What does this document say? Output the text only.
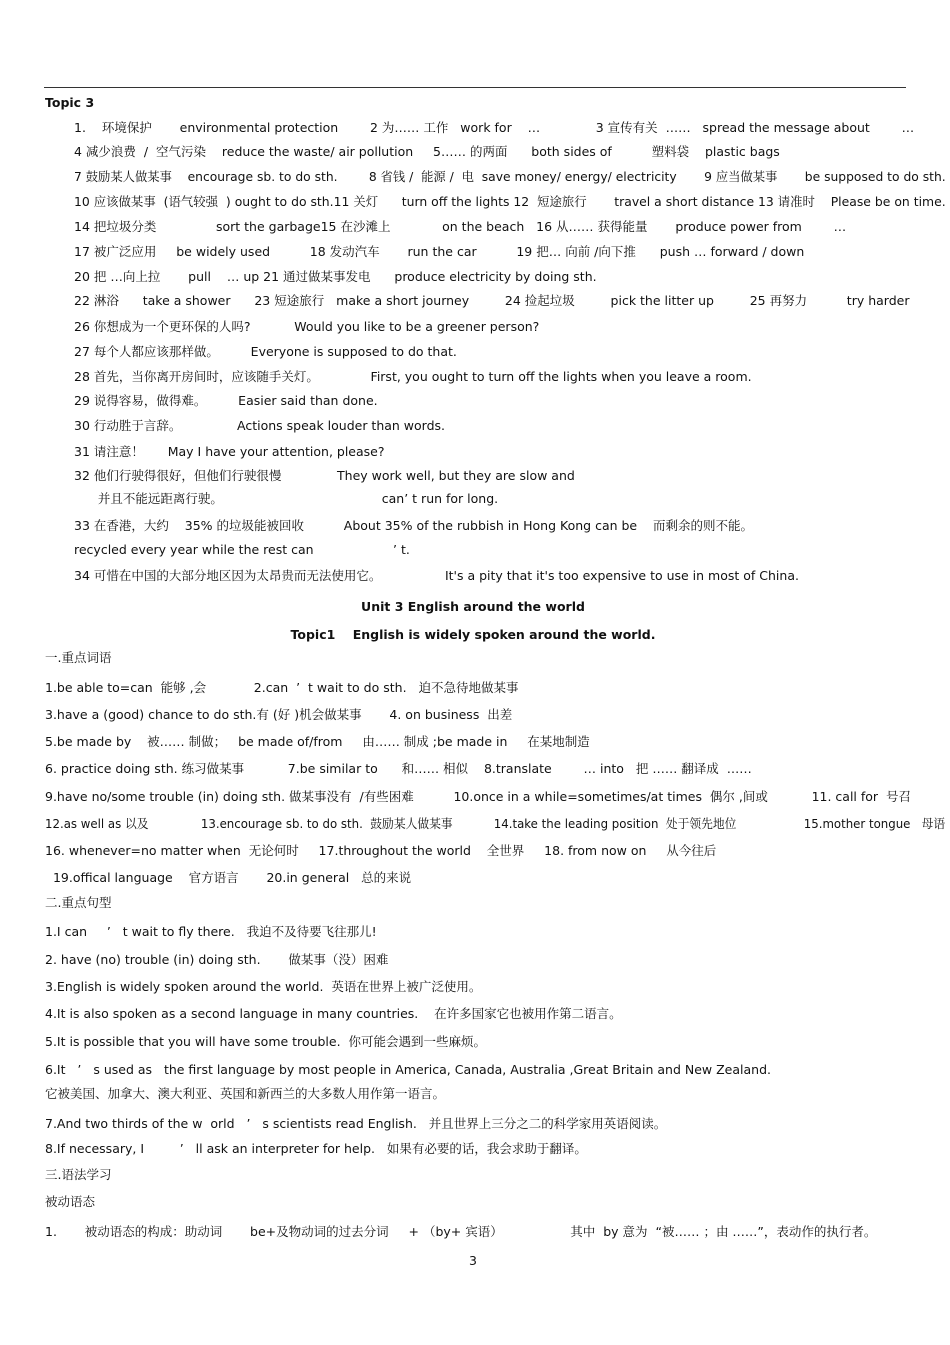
Topic 3
1.    环境保护       environmental protection        2 为…… 工作   work for    …              3 宣传有关  ……   spread the message about        …
4 减少浪费  /  空气污染    reduce the waste/ air pollution     5…… 的两面      both sides of          塑料袋    plastic bags
7 鼓励某人做某事    encourage sb. to do sth.        8 省钱 /  能源 /  电  save money/ energy/ electricity       9 应当做某事       be supposed to do sth.
10 应该做某事  (语气较强  ) ought to do sth.11 关灯      turn off the lights 12  短途旅行       travel a short distance 13 请准时    Please be on time.
14 把垃圾分类               sort the garbage15 在沙滩上             on the beach   16 从…… 获得能量       produce power from        …
17 被广泛应用     be widely used          18 发动汽车       run the car          19 把… 向前 /向下推      push … forward / down
20 把 …向上拉       pull    … up 21 通过做某事发电      produce electricity by doing sth.
22 淋浴      take a shower      23 短途旅行   make a short journey         24 捡起垃圾         pick the litter up         25 再努力          try harder
26 你想成为一个更环保的人吗?           Would you like to be a greener person?
27 每个人都应该那样做。        Everyone is supposed to do that.
28 首先，当你离开房间时，应该随手关灯。             First, you ought to turn off the lights when you leave a room.
29 说得容易，做得难。        Easier said than done.
30 行动胜于言辞。              Actions speak louder than words.
31 请注意！      May I have your attention, please?
32 他们行驶得很好，但他们行驶很慢              They work well, but they are slow and
并且不能远距离行驶。                                        can’ t run for long.
33 在香港，大约    35% 的垃圾能被回收          About 35% of the rubbish in Hong Kong can be    而剩余的则不能。
recycled every year while the rest can                    ’ t.
34 可惜在中国的大部分地区因为太昂贵而无法使用它。                It's a pity that it's too expensive to use in most of China.
Unit 3 English around the world
Topic1    English is widely spoken around the world.
一.重点词语
1.be able to=can  能够 ,会            2.can  ’  t wait to do sth.   迫不急待地做某事
3.have a (good) chance to do sth.有 (好 )机会做某事       4. on business  出差
5.be made by    被…… 制做；   be made of/from     由…… 制成 ;be made in     在某地制造
6. practice doing sth. 练习做某事           7.be similar to      和…… 相似    8.translate        … into   把 …… 翻译成  ……
9.have no/some trouble (in) doing sth. 做某事没有  /有些困难          10.once in a while=sometimes/at times  偶尔 ,间或           11. call for  号召
12.as well as 以及              13.encourage sb. to do sth.  鼓励某人做某事           14.take the leading position  处于领先地位                  15.mother tongue   母语
16. whenever=no matter when  无论何时     17.throughout the world    全世界     18. from now on     从今往后
19.offical language    官方语言       20.in general   总的来说
二.重点句型
1.I can     ’   t wait to fly there.   我迫不及待要飞往那儿!
2. have (no) trouble (in) doing sth.       做某事（没）困难
3.English is widely spoken around the world.  英语在世界上被广泛使用。
4.It is also spoken as a second language in many countries.    在许多国家它也被用作第二语言。
5.It is possible that you will have some trouble.  你可能会遇到一些麻烦。
6.It   ’   s used as   the first language by most people in America, Canada, Australia ,Great Britain and New Zealand.
它被美国、加拿大、澳大利亚、英国和新西兰的大多数人用作第一语言。
7.And two thirds of the w  orld   ’   s scientists read English.   并且世界上三分之二的科学家用英语阅读。
8.If necessary, I         ’   ll ask an interpreter for help.   如果有必要的话，我会求助于翻译。
三.语法学习
被动语态
1.       被动语态的构成：助动词       be+及物动词的过去分词     + （by+ 宾语）                 其中  by 意为  “被…… ；由 ……”，表动作的执行者。
3
